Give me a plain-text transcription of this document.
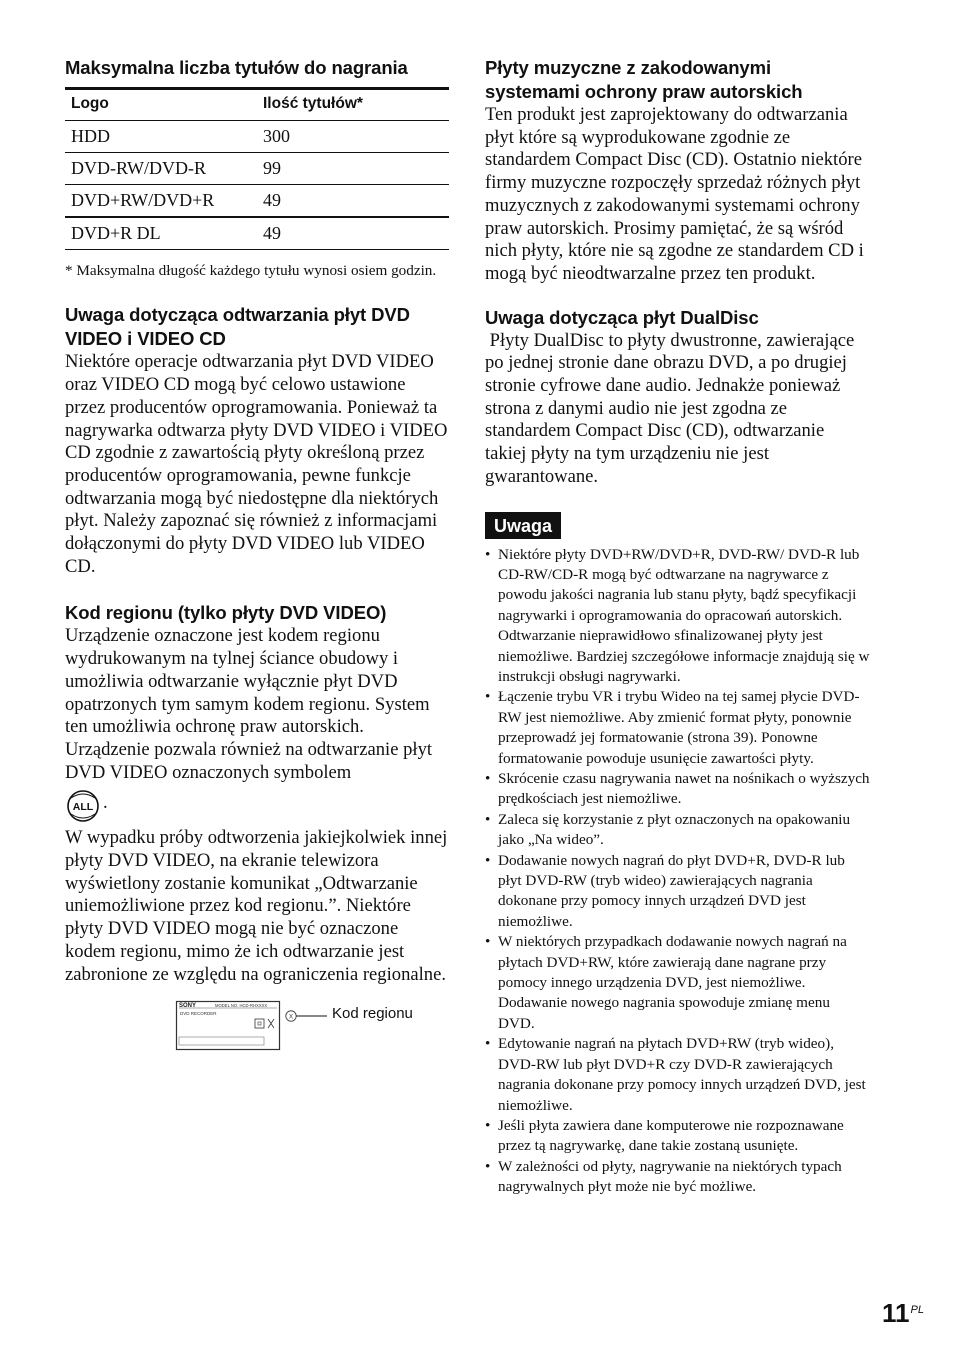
Maksymalna liczba tytułów do nagrania
Logo	Ilość tytułów*
HDD	300
DVD-RW/DVD-R	99
DVD+RW/DVD+R	49
DVD+R DL	49

* Maksymalna długość każdego tytułu wynosi osiem godzin.

Uwaga dotycząca odtwarzania płyt DVD VIDEO i VIDEO CD

Niektóre operacje odtwarzania płyt DVD VIDEO oraz VIDEO CD mogą być celowo ustawione przez producentów oprogramowania. Ponieważ ta nagrywarka odtwarza płyty DVD VIDEO i VIDEO CD zgodnie z zawartością płyty określoną przez producentów oprogramowania, pewne funkcje odtwarzania mogą być niedostępne dla niektórych płyt. Należy zapoznać się również z informacjami dołączonymi do płyty DVD VIDEO lub VIDEO CD.

Kod regionu (tylko płyty DVD VIDEO)

Urządzenie oznaczone jest kodem regionu wydrukowanym na tylnej ściance obudowy i umożliwia odtwarzanie wyłącznie płyt DVD opatrzonych tym samym kodem regionu. System ten umożliwia ochronę praw autorskich. Urządzenie pozwala również na odtwarzanie płyt DVD VIDEO oznaczonych symbolem

ALL .

W wypadku próby odtworzenia jakiejkolwiek innej płyty DVD VIDEO, na ekranie telewizora wyświetlony zostanie komunikat „Odtwarzanie uniemożliwione przez kod regionu.”. Niektóre płyty DVD VIDEO mogą nie być oznaczone kodem regionu, mimo że ich odtwarzanie jest zabronione ze względu na ograniczenia regionalne.

SONY	MODEL NO. HCD-RHXXXX
DVD RECORDER
X	Kod regionu
Płyty muzyczne z zakodowanymi systemami ochrony praw autorskich

Ten produkt jest zaprojektowany do odtwarzania płyt które są wyprodukowane zgodnie ze standardem Compact Disc (CD). Ostatnio niektóre firmy muzyczne rozpoczęły sprzedaż różnych płyt muzycznych z zakodowanymi systemami ochrony praw autorskich. Prosimy pamiętać, że są wśród nich płyty, które nie są zgodne ze standardem CD i mogą być nieodtwarzalne przez ten produkt.

Uwaga dotycząca płyt DualDisc

Płyty DualDisc to płyty dwustronne, zawierające po jednej stronie dane obrazu DVD, a po drugiej stronie cyfrowe dane audio. Jednakże ponieważ strona z danymi audio nie jest zgodna ze standardem Compact Disc (CD), odtwarzanie takiej płyty na tym urządzeniu nie jest gwarantowane.

Uwaga
• Niektóre płyty DVD+RW/DVD+R, DVD-RW/ DVD-R lub CD-RW/CD-R mogą być odtwarzane na nagrywarce z powodu jakości nagrania lub stanu płyty, bądź specyfikacji nagrywarki i oprogramowania do opracowań autorskich. Odtwarzanie nieprawidłowo sfinalizowanej płyty jest niemożliwe. Bardziej szczegółowe informacje znajdują się w instrukcji obsługi nagrywarki.
• Łączenie trybu VR i trybu Wideo na tej samej płycie DVD-RW jest niemożliwe. Aby zmienić format płyty, ponownie przeprowadź jej formatowanie (strona 39). Ponowne formatowanie powoduje usunięcie zawartości płyty.
• Skrócenie czasu nagrywania nawet na nośnikach o wyższych prędkościach jest niemożliwe.
• Zaleca się korzystanie z płyt oznaczonych na opakowaniu jako „Na wideo”.
• Dodawanie nowych nagrań do płyt DVD+R, DVD-R lub płyt DVD-RW (tryb wideo) zawierających nagrania dokonane przy pomocy innych urządzeń DVD jest niemożliwe.
• W niektórych przypadkach dodawanie nowych nagrań na płytach DVD+RW, które zawierają dane nagrane przy pomocy innego urządzenia DVD, jest niemożliwe. Dodawanie nowego nagrania spowoduje zmianę menu DVD.
• Edytowanie nagrań na płytach DVD+RW (tryb wideo), DVD-RW lub płyt DVD+R czy DVD-R zawierających nagrania dokonane przy pomocy innych urządzeń DVD, jest niemożliwe.
• Jeśli płyta zawiera dane komputerowe nie rozpoznawane przez tą nagrywarkę, dane takie zostaną usunięte.
• W zależności od płyty, nagrywanie na niektórych typach nagrywalnych płyt może nie być możliwe.
$11^{PL}$
